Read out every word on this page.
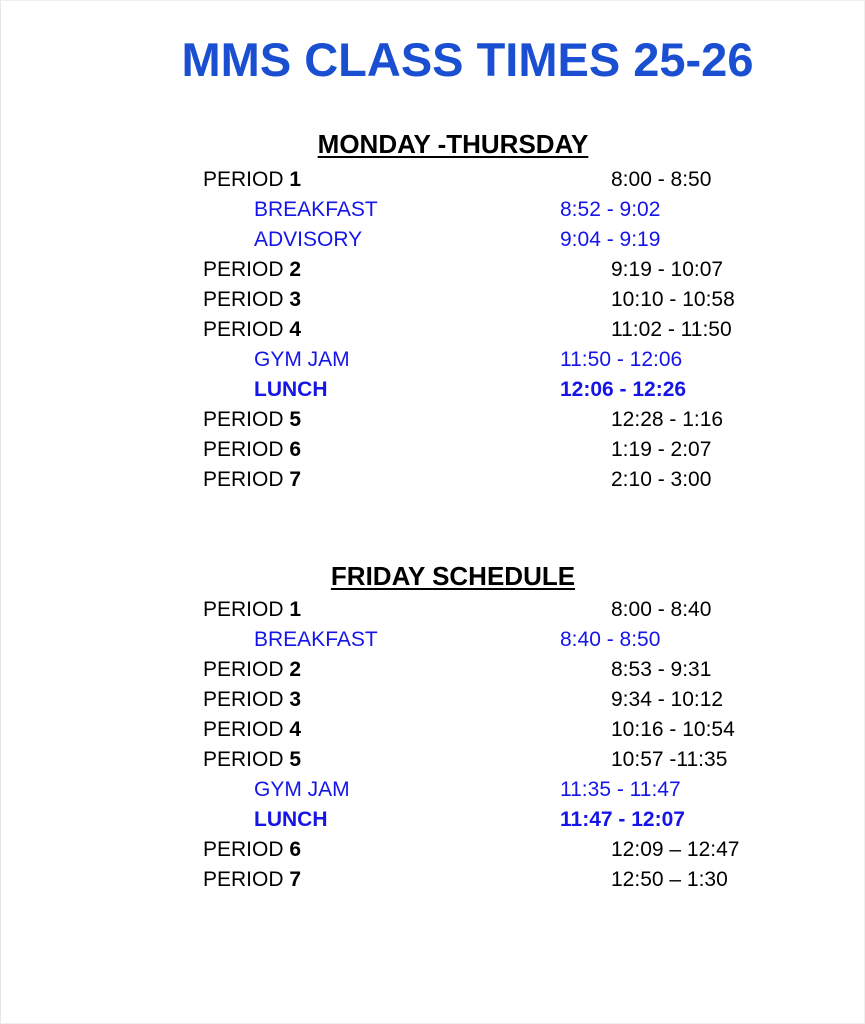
MMS CLASS TIMES 25-26
MONDAY -THURSDAY
PERIOD 1	8:00 - 8:50
BREAKFAST	8:52 - 9:02
ADVISORY	9:04 - 9:19
PERIOD 2	9:19 - 10:07
PERIOD 3	10:10 - 10:58
PERIOD 4	11:02 - 11:50
GYM JAM	11:50 - 12:06
LUNCH	12:06 - 12:26
PERIOD 5	12:28 - 1:16
PERIOD 6	1:19 - 2:07
PERIOD 7	2:10 - 3:00
FRIDAY SCHEDULE
PERIOD 1	8:00 - 8:40
BREAKFAST	8:40 - 8:50
PERIOD 2	8:53 - 9:31
PERIOD 3	9:34 - 10:12
PERIOD 4	10:16 - 10:54
PERIOD 5	10:57 -11:35
GYM JAM	11:35 - 11:47
LUNCH	11:47 - 12:07
PERIOD 6	12:09 – 12:47
PERIOD 7	12:50 – 1:30
